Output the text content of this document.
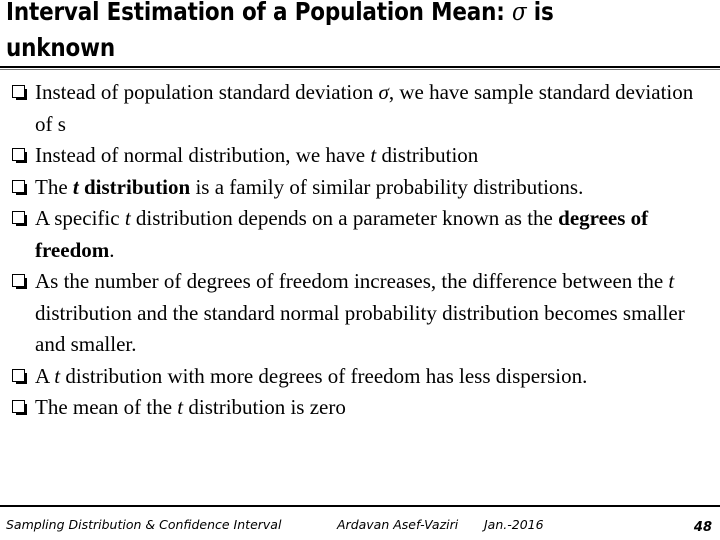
Interval Estimation of a Population Mean: σ is unknown
Instead of population standard deviation σ, we have sample standard deviation of s
Instead of normal distribution, we have t distribution
The t distribution is a family of similar probability distributions.
A specific t distribution depends on a parameter known as the degrees of freedom.
As the number of degrees of freedom increases, the difference between the t distribution and the standard normal probability distribution becomes smaller and smaller.
A t distribution with more degrees of freedom has less dispersion.
The mean of the t distribution is zero
Sampling Distribution & Confidence Interval	Ardavan Asef-Vaziri Jan.-2016	48
